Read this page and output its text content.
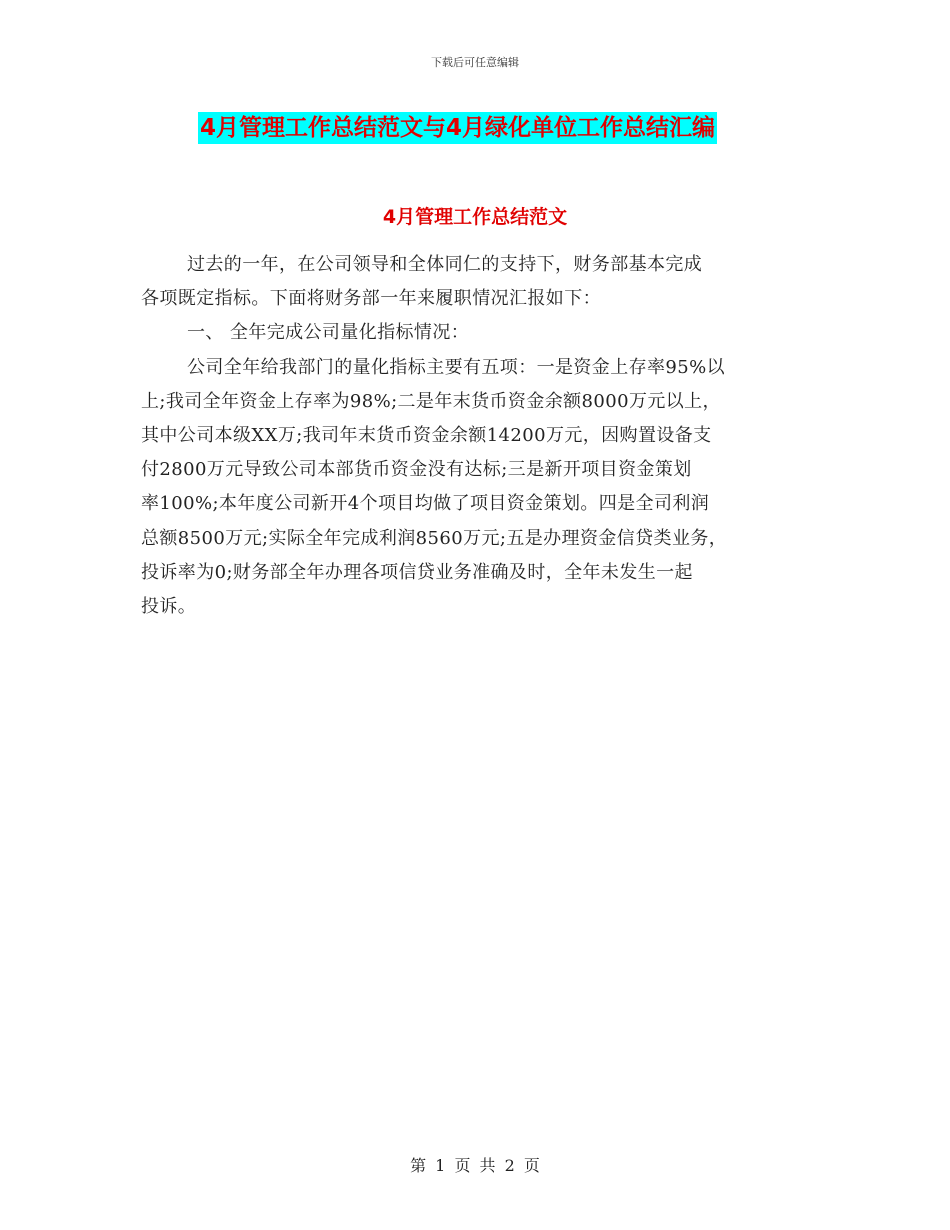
下载后可任意编辑
4月管理工作总结范文与4月绿化单位工作总结汇编
4月管理工作总结范文
过去的一年，在公司领导和全体同仁的支持下，财务部基本完成
各项既定指标。下面将财务部一年来履职情况汇报如下：
一、 全年完成公司量化指标情况：
公司全年给我部门的量化指标主要有五项：一是资金上存率95%以
上;我司全年资金上存率为98%;二是年末货币资金余额8000万元以上，
其中公司本级XX万;我司年末货币资金余额14200万元，因购置设备支
付2800万元导致公司本部货币资金没有达标;三是新开项目资金策划
率100%;本年度公司新开4个项目均做了项目资金策划。四是全司利润
总额8500万元;实际全年完成利润8560万元;五是办理资金信贷类业务，
投诉率为0;财务部全年办理各项信贷业务准确及时，全年未发生一起
投诉。
第 1 页 共 2 页
